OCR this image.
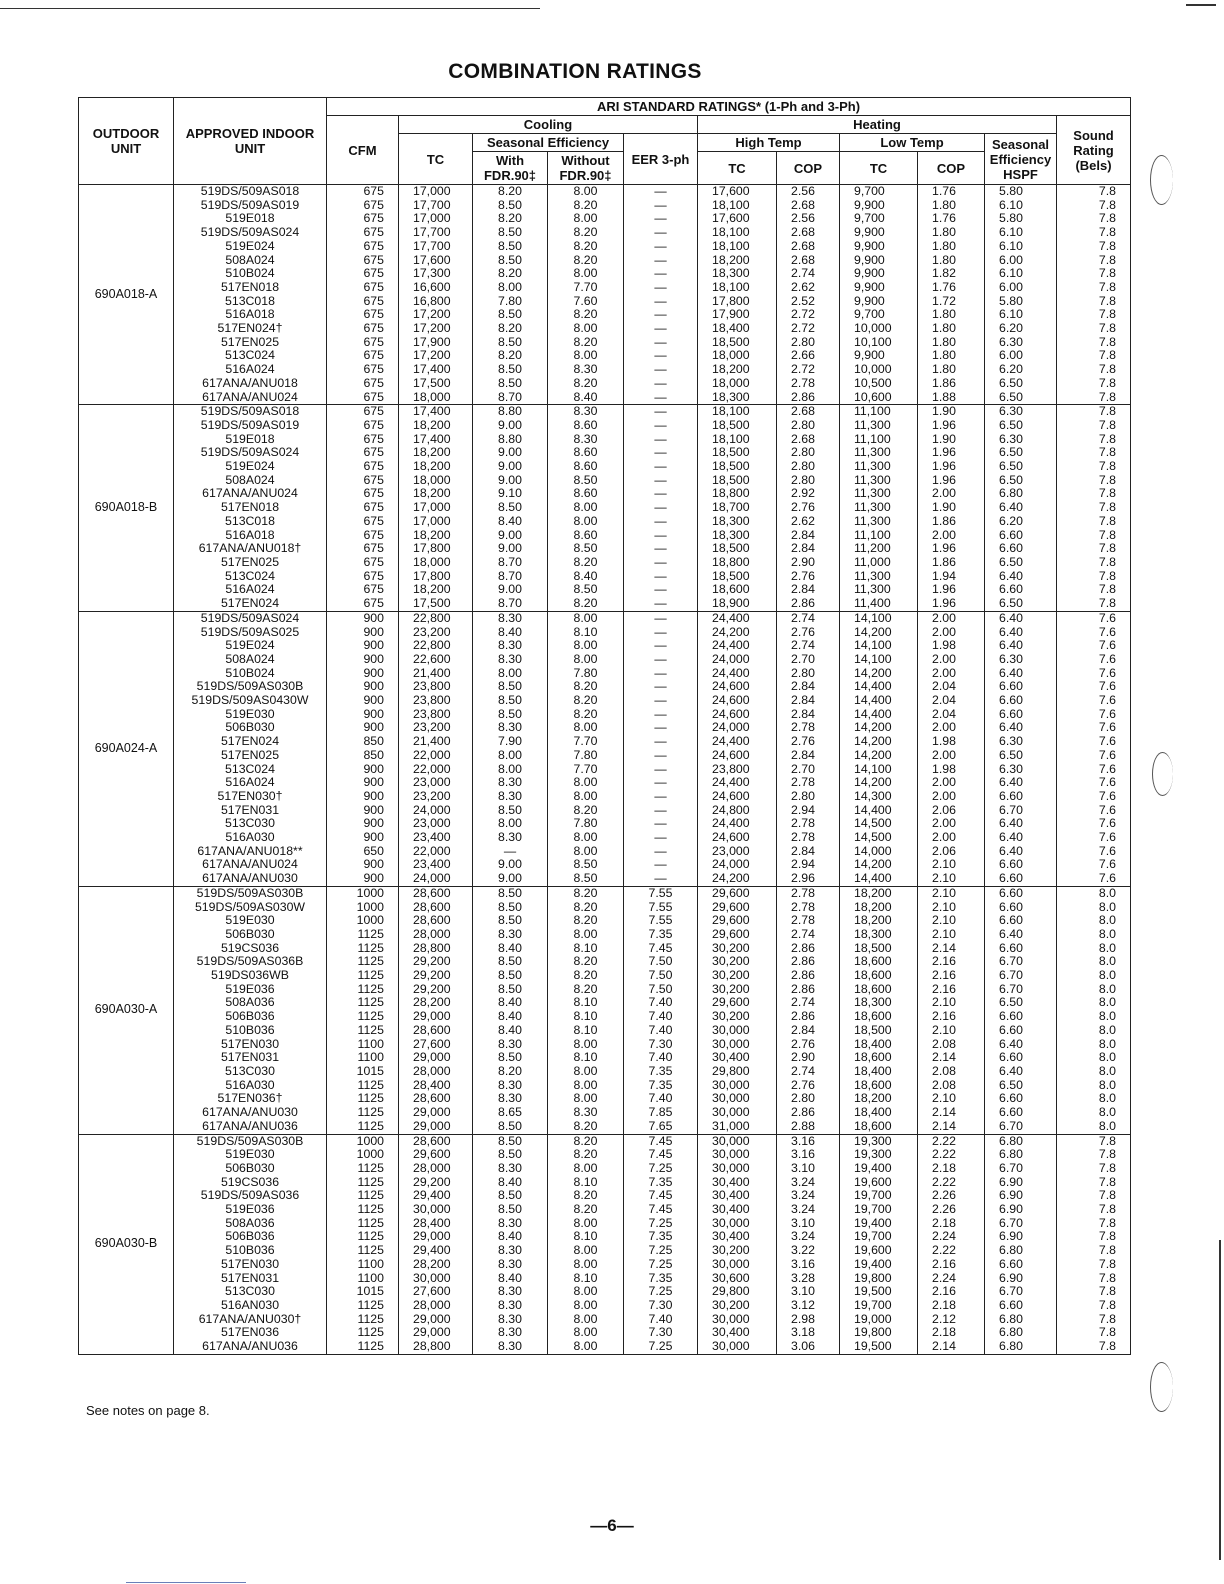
COMBINATION RATINGS
OUTDOOR UNIT	APPROVED INDOOR UNIT	ARI STANDARD RATINGS* (1-Ph and 3-Ph)										
		CFM	Cooling				Heating					Sound Rating (Bels)
			TC	Seasonal Efficiency		EER 3-ph	High Temp		Low Temp		Seasonal Efficiency HSPF	
				With FDR.90‡	Without FDR.90‡		TC	COP	TC	COP		
690A018-A	519DS/509AS018	675	17,000	8.20	8.00	—	17,600	2.56	9,700	1.76	5.80	7.8
	519DS/509AS019	675	17,700	8.50	8.20	—	18,100	2.68	9,900	1.80	6.10	7.8
	519E018	675	17,000	8.20	8.00	—	17,600	2.56	9,700	1.76	5.80	7.8
	519DS/509AS024	675	17,700	8.50	8.20	—	18,100	2.68	9,900	1.80	6.10	7.8
	519E024	675	17,700	8.50	8.20	—	18,100	2.68	9,900	1.80	6.10	7.8
	508A024	675	17,600	8.50	8.20	—	18,200	2.68	9,900	1.80	6.00	7.8
	510B024	675	17,300	8.20	8.00	—	18,300	2.74	9,900	1.82	6.10	7.8
	517EN018	675	16,600	8.00	7.70	—	18,100	2.62	9,900	1.76	6.00	7.8
	513C018	675	16,800	7.80	7.60	—	17,800	2.52	9,900	1.72	5.80	7.8
	516A018	675	17,200	8.50	8.20	—	17,900	2.72	9,700	1.80	6.10	7.8
	517EN024†	675	17,200	8.20	8.00	—	18,400	2.72	10,000	1.80	6.20	7.8
	517EN025	675	17,900	8.50	8.20	—	18,500	2.80	10,100	1.80	6.30	7.8
	513C024	675	17,200	8.20	8.00	—	18,000	2.66	9,900	1.80	6.00	7.8
	516A024	675	17,400	8.50	8.30	—	18,200	2.72	10,000	1.80	6.20	7.8
	617ANA/ANU018	675	17,500	8.50	8.20	—	18,000	2.78	10,500	1.86	6.50	7.8
	617ANA/ANU024	675	18,000	8.70	8.40	—	18,300	2.86	10,600	1.88	6.50	7.8
690A018-B	519DS/509AS018	675	17,400	8.80	8.30	—	18,100	2.68	11,100	1.90	6.30	7.8
	519DS/509AS019	675	18,200	9.00	8.60	—	18,500	2.80	11,300	1.96	6.50	7.8
	519E018	675	17,400	8.80	8.30	—	18,100	2.68	11,100	1.90	6.30	7.8
	519DS/509AS024	675	18,200	9.00	8.60	—	18,500	2.80	11,300	1.96	6.50	7.8
	519E024	675	18,200	9.00	8.60	—	18,500	2.80	11,300	1.96	6.50	7.8
	508A024	675	18,000	9.00	8.50	—	18,500	2.80	11,300	1.96	6.50	7.8
	617ANA/ANU024	675	18,200	9.10	8.60	—	18,800	2.92	11,300	2.00	6.80	7.8
	517EN018	675	17,000	8.50	8.00	—	18,700	2.76	11,300	1.90	6.40	7.8
	513C018	675	17,000	8.40	8.00	—	18,300	2.62	11,300	1.86	6.20	7.8
	516A018	675	18,200	9.00	8.60	—	18,300	2.84	11,100	2.00	6.60	7.8
	617ANA/ANU018†	675	17,800	9.00	8.50	—	18,500	2.84	11,200	1.96	6.60	7.8
	517EN025	675	18,000	8.70	8.20	—	18,800	2.90	11,000	1.86	6.50	7.8
	513C024	675	17,800	8.70	8.40	—	18,500	2.76	11,300	1.94	6.40	7.8
	516A024	675	18,200	9.00	8.50	—	18,600	2.84	11,300	1.96	6.60	7.8
	517EN024	675	17,500	8.70	8.20	—	18,900	2.86	11,400	1.96	6.50	7.8
690A024-A	519DS/509AS024	900	22,800	8.30	8.00	—	24,400	2.74	14,100	2.00	6.40	7.6
	519DS/509AS025	900	23,200	8.40	8.10	—	24,200	2.76	14,200	2.00	6.40	7.6
	519E024	900	22,800	8.30	8.00	—	24,400	2.74	14,100	1.98	6.40	7.6
	508A024	900	22,600	8.30	8.00	—	24,000	2.70	14,100	2.00	6.30	7.6
	510B024	900	21,400	8.00	7.80	—	24,400	2.80	14,200	2.00	6.40	7.6
	519DS/509AS030B	900	23,800	8.50	8.20	—	24,600	2.84	14,400	2.04	6.60	7.6
	519DS/509AS0430W	900	23,800	8.50	8.20	—	24,600	2.84	14,400	2.04	6.60	7.6
	519E030	900	23,800	8.50	8.20	—	24,600	2.84	14,400	2.04	6.60	7.6
	506B030	900	23,200	8.30	8.00	—	24,000	2.78	14,200	2.00	6.40	7.6
	517EN024	850	21,400	7.90	7.70	—	24,400	2.76	14,200	1.98	6.30	7.6
	517EN025	850	22,000	8.00	7.80	—	24,600	2.84	14,200	2.00	6.50	7.6
	513C024	900	22,000	8.00	7.70	—	23,800	2.70	14,100	1.98	6.30	7.6
	516A024	900	23,000	8.30	8.00	—	24,400	2.78	14,200	2.00	6.40	7.6
	517EN030†	900	23,200	8.30	8.00	—	24,600	2.80	14,300	2.00	6.60	7.6
	517EN031	900	24,000	8.50	8.20	—	24,800	2.94	14,400	2.06	6.70	7.6
	513C030	900	23,000	8.00	7.80	—	24,400	2.78	14,500	2.00	6.40	7.6
	516A030	900	23,400	8.30	8.00	—	24,600	2.78	14,500	2.00	6.40	7.6
	617ANA/ANU018**	650	22,000	—	8.00	—	23,000	2.84	14,000	2.06	6.40	7.6
	617ANA/ANU024	900	23,400	9.00	8.50	—	24,000	2.94	14,200	2.10	6.60	7.6
	617ANA/ANU030	900	24,000	9.00	8.50	—	24,200	2.96	14,400	2.10	6.60	7.6
690A030-A	519DS/509AS030B	1000	28,600	8.50	8.20	7.55	29,600	2.78	18,200	2.10	6.60	8.0
	519DS/509AS030W	1000	28,600	8.50	8.20	7.55	29,600	2.78	18,200	2.10	6.60	8.0
	519E030	1000	28,600	8.50	8.20	7.55	29,600	2.78	18,200	2.10	6.60	8.0
	506B030	1125	28,000	8.30	8.00	7.35	29,600	2.74	18,300	2.10	6.40	8.0
	519CS036	1125	28,800	8.40	8.10	7.45	30,200	2.86	18,500	2.14	6.60	8.0
	519DS/509AS036B	1125	29,200	8.50	8.20	7.50	30,200	2.86	18,600	2.16	6.70	8.0
	519DS036WB	1125	29,200	8.50	8.20	7.50	30,200	2.86	18,600	2.16	6.70	8.0
	519E036	1125	29,200	8.50	8.20	7.50	30,200	2.86	18,600	2.16	6.70	8.0
	508A036	1125	28,200	8.40	8.10	7.40	29,600	2.74	18,300	2.10	6.50	8.0
	506B036	1125	29,000	8.40	8.10	7.40	30,200	2.86	18,600	2.16	6.60	8.0
	510B036	1125	28,600	8.40	8.10	7.40	30,000	2.84	18,500	2.10	6.60	8.0
	517EN030	1100	27,600	8.30	8.00	7.30	30,000	2.76	18,400	2.08	6.40	8.0
	517EN031	1100	29,000	8.50	8.10	7.40	30,400	2.90	18,600	2.14	6.60	8.0
	513C030	1015	28,000	8.20	8.00	7.35	29,800	2.74	18,400	2.08	6.40	8.0
	516A030	1125	28,400	8.30	8.00	7.35	30,000	2.76	18,600	2.08	6.50	8.0
	517EN036†	1125	28,600	8.30	8.00	7.40	30,000	2.80	18,200	2.10	6.60	8.0
	617ANA/ANU030	1125	29,000	8.65	8.30	7.85	30,000	2.86	18,400	2.14	6.60	8.0
	617ANA/ANU036	1125	29,000	8.50	8.20	7.65	31,000	2.88	18,600	2.14	6.70	8.0
690A030-B	519DS/509AS030B	1000	28,600	8.50	8.20	7.45	30,000	3.16	19,300	2.22	6.80	7.8
	519E030	1000	29,600	8.50	8.20	7.45	30,000	3.16	19,300	2.22	6.80	7.8
	506B030	1125	28,000	8.30	8.00	7.25	30,000	3.10	19,400	2.18	6.70	7.8
	519CS036	1125	29,200	8.40	8.10	7.35	30,400	3.24	19,600	2.22	6.90	7.8
	519DS/509AS036	1125	29,400	8.50	8.20	7.45	30,400	3.24	19,700	2.26	6.90	7.8
	519E036	1125	30,000	8.50	8.20	7.45	30,400	3.24	19,700	2.26	6.90	7.8
	508A036	1125	28,400	8.30	8.00	7.25	30,000	3.10	19,400	2.18	6.70	7.8
	506B036	1125	29,000	8.40	8.10	7.35	30,400	3.24	19,700	2.24	6.90	7.8
	510B036	1125	29,400	8.30	8.00	7.25	30,200	3.22	19,600	2.22	6.80	7.8
	517EN030	1100	28,200	8.30	8.00	7.25	30,000	3.16	19,400	2.16	6.60	7.8
	517EN031	1100	30,000	8.40	8.10	7.35	30,600	3.28	19,800	2.24	6.90	7.8
	513C030	1015	27,600	8.30	8.00	7.25	29,800	3.10	19,500	2.16	6.70	7.8
	516AN030	1125	28,000	8.30	8.00	7.30	30,200	3.12	19,700	2.18	6.60	7.8
	617ANA/ANU030†	1125	29,000	8.30	8.00	7.40	30,000	2.98	19,000	2.12	6.80	7.8
	517EN036	1125	29,000	8.30	8.00	7.30	30,400	3.18	19,800	2.18	6.80	7.8
	617ANA/ANU036	1125	28,800	8.30	8.00	7.25	30,000	3.06	19,500	2.14	6.80	7.8
See notes on page 8.
—6—
